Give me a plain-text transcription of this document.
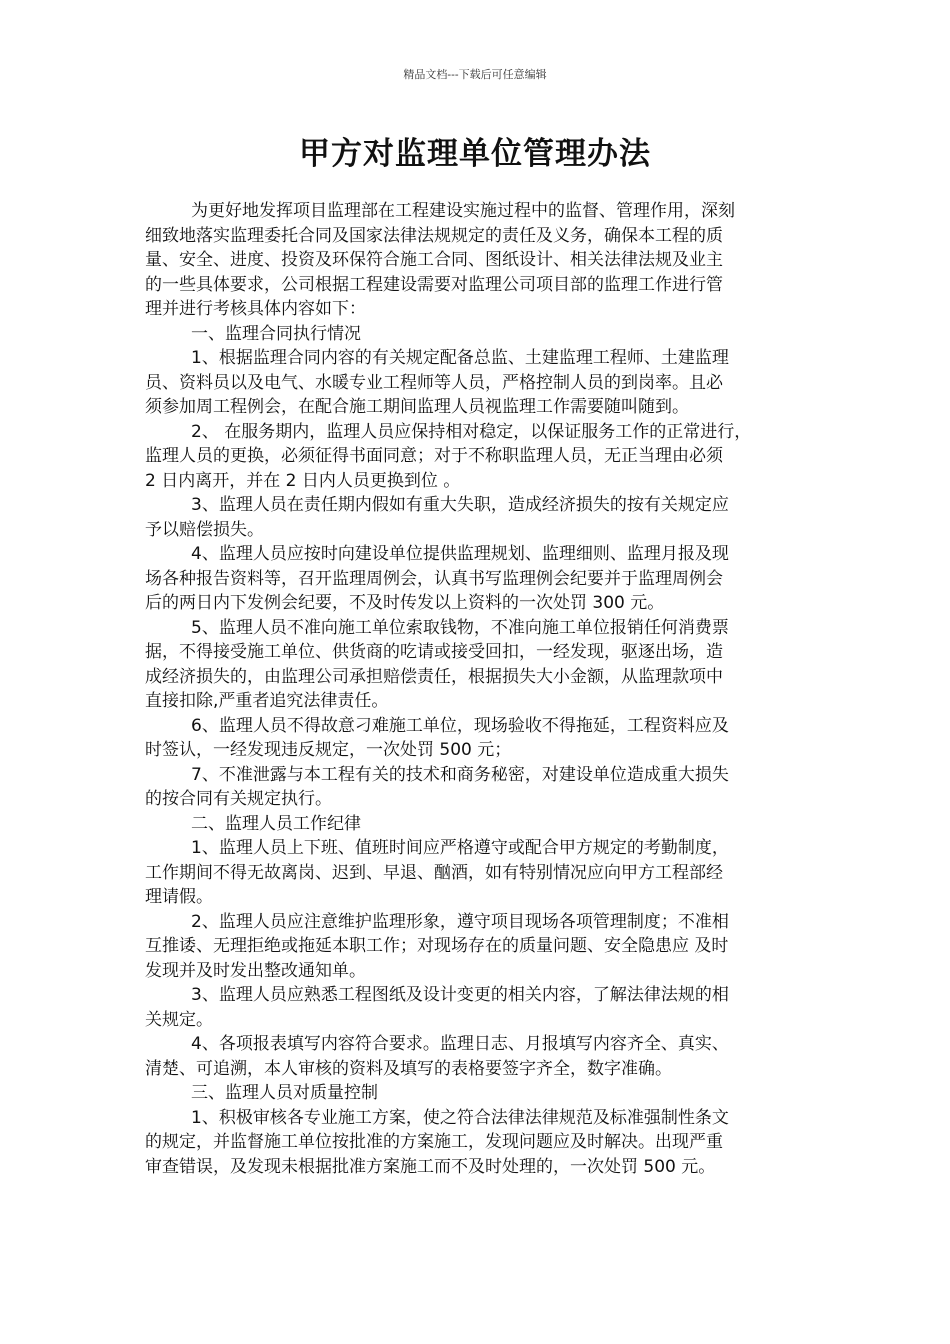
精品文档---下载后可任意编辑
甲方对监理单位管理办法
为更好地发挥项目监理部在工程建设实施过程中的监督、管理作用，深刻
细致地落实监理委托合同及国家法律法规规定的责任及义务，确保本工程的质
量、安全、进度、投资及环保符合施工合同、图纸设计、相关法律法规及业主
的一些具体要求，公司根据工程建设需要对监理公司项目部的监理工作进行管
理并进行考核具体内容如下：
一、监理合同执行情况
1、根据监理合同内容的有关规定配备总监、土建监理工程师、土建监理
员、资料员以及电气、水暖专业工程师等人员，严格控制人员的到岗率。且必
须参加周工程例会，在配合施工期间监理人员视监理工作需要随叫随到。
2、 在服务期内，监理人员应保持相对稳定，以保证服务工作的正常进行，
监理人员的更换，必须征得书面同意；对于不称职监理人员，无正当理由必须
2 日内离开，并在 2 日内人员更换到位 。
3、监理人员在责任期内假如有重大失职，造成经济损失的按有关规定应
予以赔偿损失。
4、监理人员应按时向建设单位提供监理规划、监理细则、监理月报及现
场各种报告资料等，召开监理周例会，认真书写监理例会纪要并于监理周例会
后的两日内下发例会纪要，不及时传发以上资料的一次处罚 300 元。
5、监理人员不准向施工单位索取钱物，不准向施工单位报销任何消费票
据，不得接受施工单位、供货商的吃请或接受回扣，一经发现，驱逐出场，造
成经济损失的，由监理公司承担赔偿责任，根据损失大小金额，从监理款项中
直接扣除,严重者追究法律责任。
6、监理人员不得故意刁难施工单位，现场验收不得拖延，工程资料应及
时签认，一经发现违反规定，一次处罚 500 元；
7、不准泄露与本工程有关的技术和商务秘密，对建设单位造成重大损失
的按合同有关规定执行。
二、监理人员工作纪律
1、监理人员上下班、值班时间应严格遵守或配合甲方规定的考勤制度，
工作期间不得无故离岗、迟到、早退、酗酒，如有特别情况应向甲方工程部经
理请假。
2、监理人员应注意维护监理形象，遵守项目现场各项管理制度；不准相
互推诿、无理拒绝或拖延本职工作；对现场存在的质量问题、安全隐患应 及时
发现并及时发出整改通知单。
3、监理人员应熟悉工程图纸及设计变更的相关内容，了解法律法规的相
关规定。
4、各项报表填写内容符合要求。监理日志、月报填写内容齐全、真实、
清楚、可追溯，本人审核的资料及填写的表格要签字齐全，数字准确。
三、监理人员对质量控制
1、积极审核各专业施工方案，使之符合法律法律规范及标准强制性条文
的规定，并监督施工单位按批准的方案施工，发现问题应及时解决。出现严重
审查错误，及发现未根据批准方案施工而不及时处理的，一次处罚 500 元。
